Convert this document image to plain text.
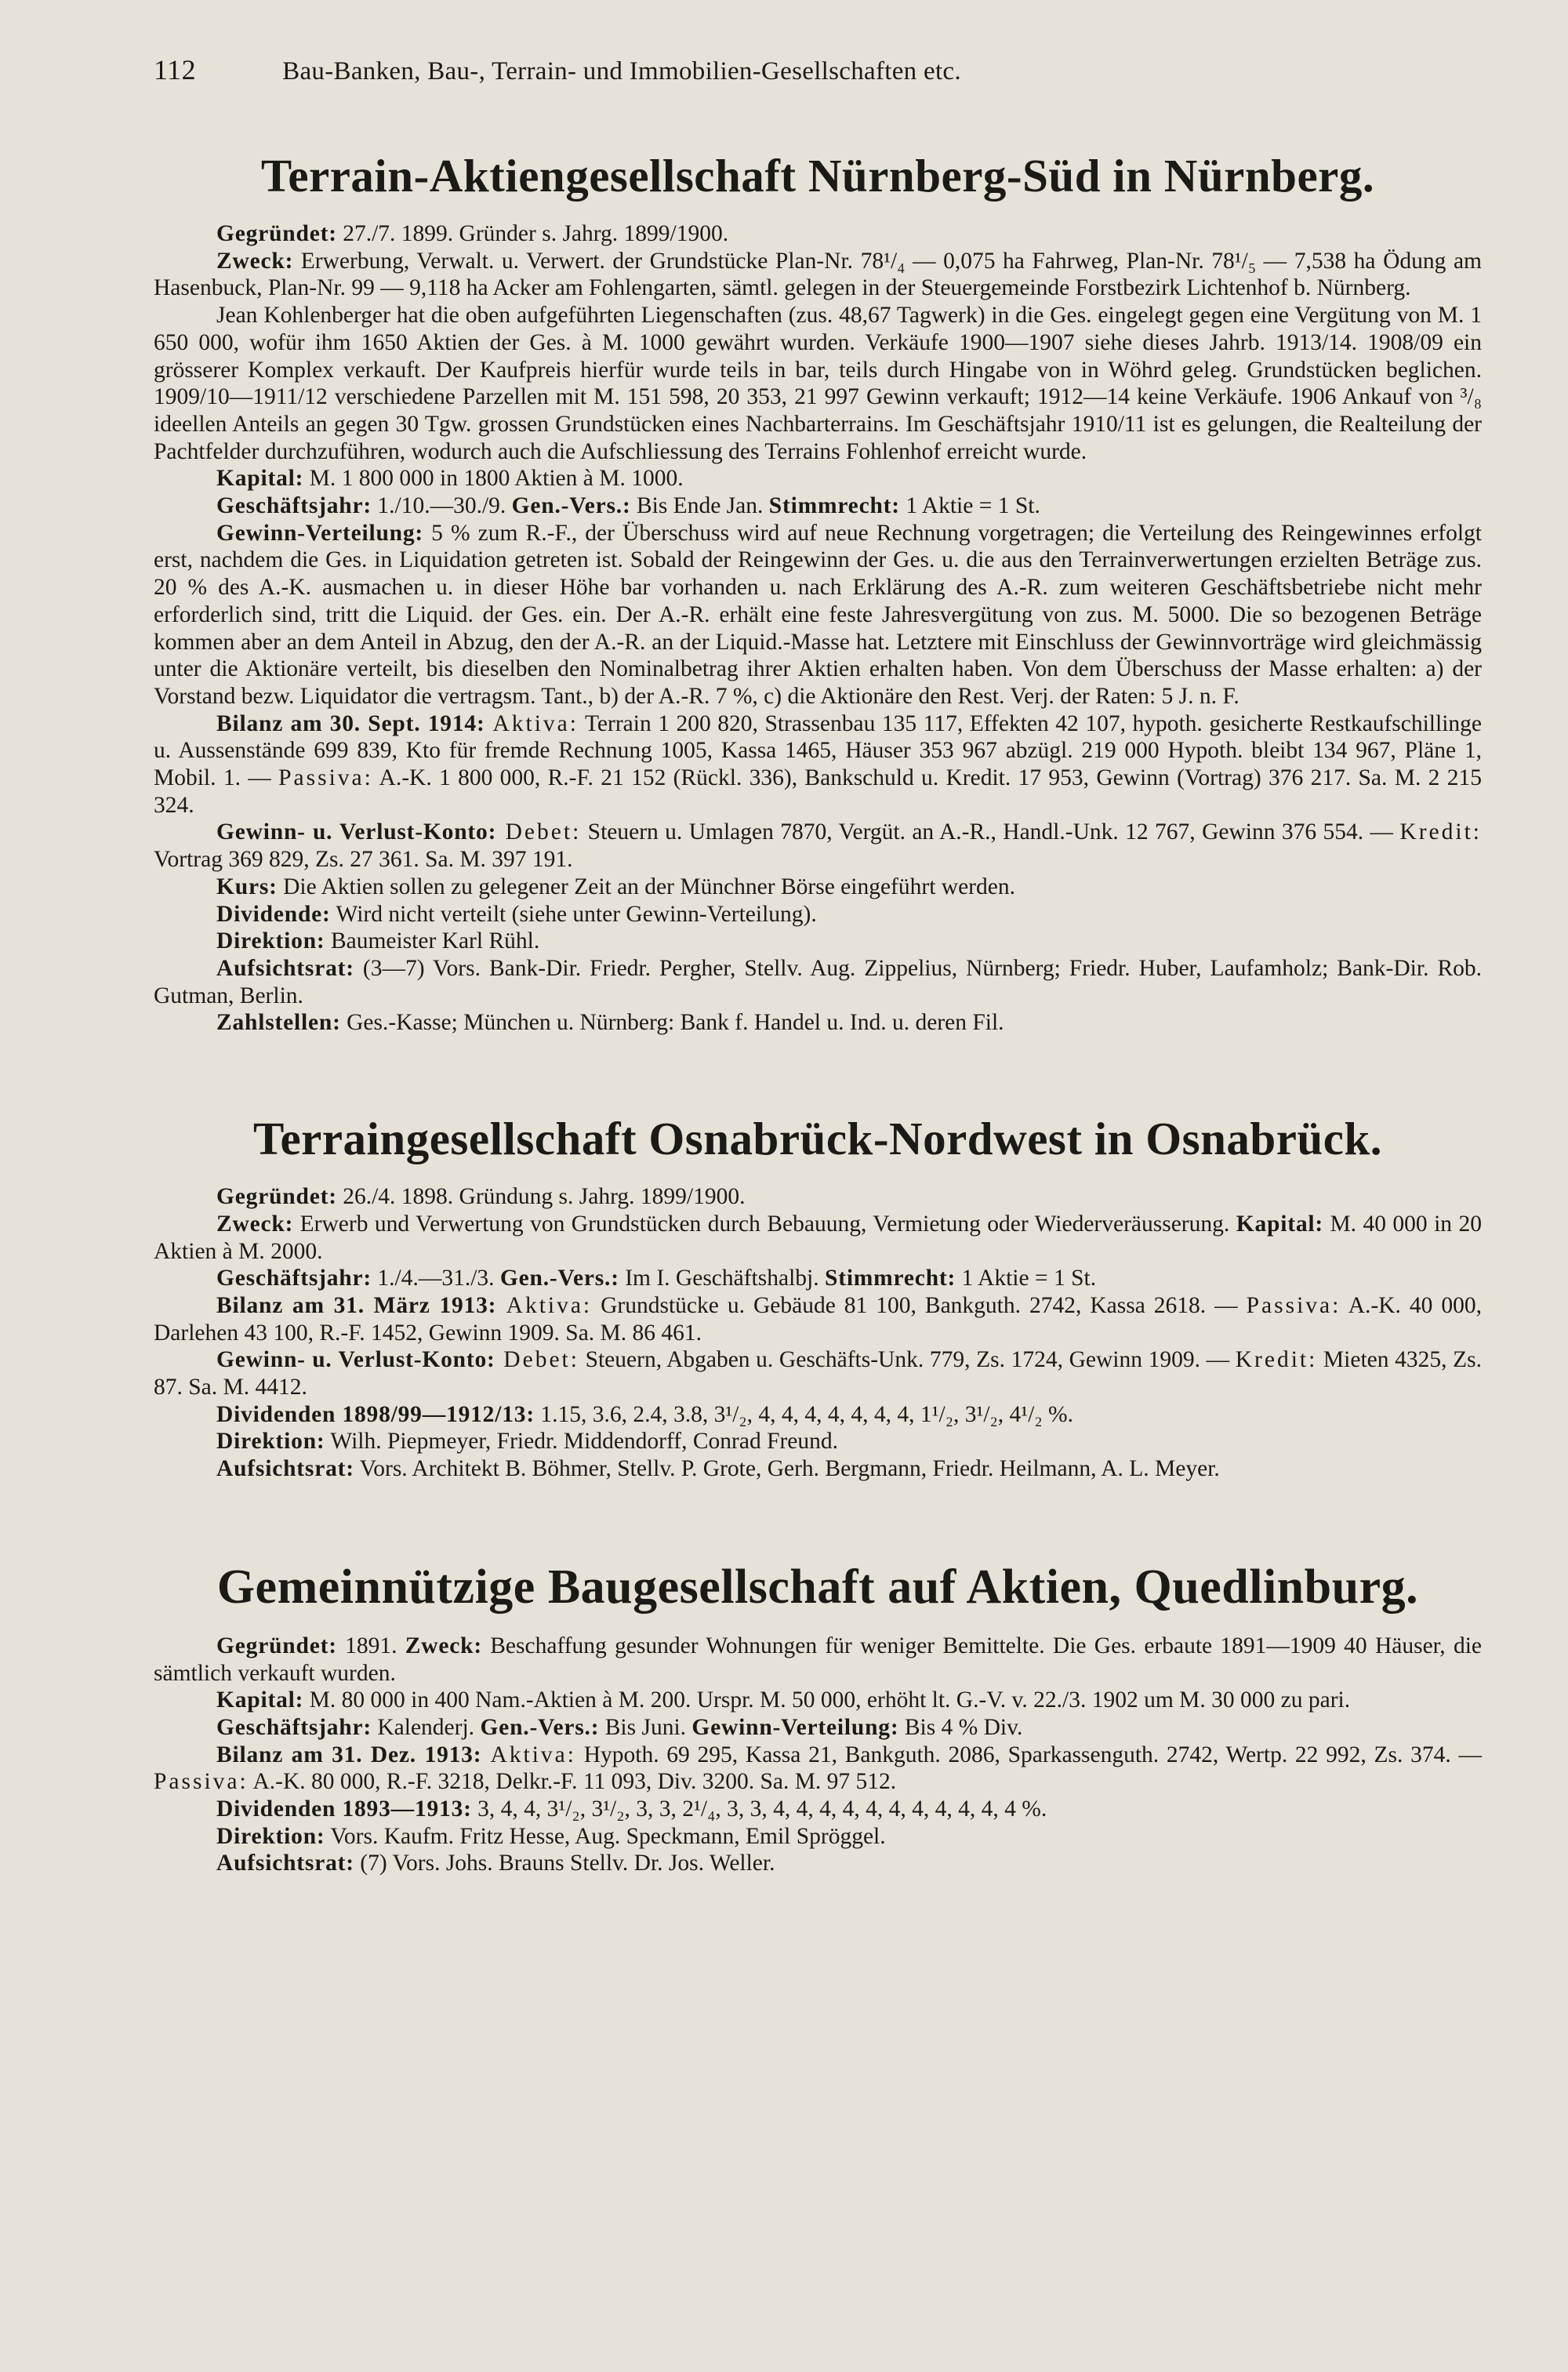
112	Bau-Banken, Bau-, Terrain- und Immobilien-Gesellschaften etc.
Terrain-Aktiengesellschaft Nürnberg-Süd in Nürnberg.

Gegründet: 27./7. 1899. Gründer s. Jahrg. 1899/1900.

Zweck: Erwerbung, Verwalt. u. Verwert. der Grundstücke Plan-Nr. 78¹/₄ — 0,075 ha Fahrweg, Plan-Nr. 78¹/₅ — 7,538 ha Ödung am Hasenbuck, Plan-Nr. 99 — 9,118 ha Acker am Fohlengarten, sämtl. gelegen in der Steuergemeinde Forstbezirk Lichtenhof b. Nürnberg.

Jean Kohlenberger hat die oben aufgeführten Liegenschaften (zus. 48,67 Tagwerk) in die Ges. eingelegt gegen eine Vergütung von M. 1 650 000, wofür ihm 1650 Aktien der Ges. à M. 1000 gewährt wurden. Verkäufe 1900—1907 siehe dieses Jahrb. 1913/14. 1908/09 ein grösserer Komplex verkauft. Der Kaufpreis hierfür wurde teils in bar, teils durch Hingabe von in Wöhrd geleg. Grundstücken beglichen. 1909/10—1911/12 verschiedene Parzellen mit M. 151 598, 20 353, 21 997 Gewinn verkauft; 1912—14 keine Verkäufe. 1906 Ankauf von ³/₈ ideellen Anteils an gegen 30 Tgw. grossen Grundstücken eines Nachbarterrains. Im Geschäftsjahr 1910/11 ist es gelungen, die Realteilung der Pachtfelder durchzuführen, wodurch auch die Aufschliessung des Terrains Fohlenhof erreicht wurde.

Kapital: M. 1 800 000 in 1800 Aktien à M. 1000.

Geschäftsjahr: 1./10.—30./9. Gen.-Vers.: Bis Ende Jan. Stimmrecht: 1 Aktie = 1 St.

Gewinn-Verteilung: 5 % zum R.-F., der Überschuss wird auf neue Rechnung vorgetragen; die Verteilung des Reingewinnes erfolgt erst, nachdem die Ges. in Liquidation getreten ist. Sobald der Reingewinn der Ges. u. die aus den Terrainverwertungen erzielten Beträge zus. 20 % des A.-K. ausmachen u. in dieser Höhe bar vorhanden u. nach Erklärung des A.-R. zum weiteren Geschäftsbetriebe nicht mehr erforderlich sind, tritt die Liquid. der Ges. ein. Der A.-R. erhält eine feste Jahresvergütung von zus. M. 5000. Die so bezogenen Beträge kommen aber an dem Anteil in Abzug, den der A.-R. an der Liquid.-Masse hat. Letztere mit Einschluss der Gewinnvorträge wird gleichmässig unter die Aktionäre verteilt, bis dieselben den Nominalbetrag ihrer Aktien erhalten haben. Von dem Überschuss der Masse erhalten: a) der Vorstand bezw. Liquidator die vertragsm. Tant., b) der A.-R. 7 %, c) die Aktionäre den Rest. Verj. der Raten: 5 J. n. F.

Bilanz am 30. Sept. 1914: Aktiva: Terrain 1 200 820, Strassenbau 135 117, Effekten 42 107, hypoth. gesicherte Restkaufschillinge u. Aussenstände 699 839, Kto für fremde Rechnung 1005, Kassa 1465, Häuser 353 967 abzügl. 219 000 Hypoth. bleibt 134 967, Pläne 1, Mobil. 1. — Passiva: A.-K. 1 800 000, R.-F. 21 152 (Rückl. 336), Bankschuld u. Kredit. 17 953, Gewinn (Vortrag) 376 217. Sa. M. 2 215 324.

Gewinn- u. Verlust-Konto: Debet: Steuern u. Umlagen 7870, Vergüt. an A.-R., Handl.-Unk. 12 767, Gewinn 376 554. — Kredit: Vortrag 369 829, Zs. 27 361. Sa. M. 397 191.

Kurs: Die Aktien sollen zu gelegener Zeit an der Münchner Börse eingeführt werden.

Dividende: Wird nicht verteilt (siehe unter Gewinn-Verteilung).

Direktion: Baumeister Karl Rühl.

Aufsichtsrat: (3—7) Vors. Bank-Dir. Friedr. Pergher, Stellv. Aug. Zippelius, Nürnberg; Friedr. Huber, Laufamholz; Bank-Dir. Rob. Gutman, Berlin.

Zahlstellen: Ges.-Kasse; München u. Nürnberg: Bank f. Handel u. Ind. u. deren Fil.

Terraingesellschaft Osnabrück-Nordwest in Osnabrück.

Gegründet: 26./4. 1898. Gründung s. Jahrg. 1899/1900.

Zweck: Erwerb und Verwertung von Grundstücken durch Bebauung, Vermietung oder Wiederveräusserung. Kapital: M. 40 000 in 20 Aktien à M. 2000.

Geschäftsjahr: 1./4.—31./3. Gen.-Vers.: Im I. Geschäftshalbj. Stimmrecht: 1 Aktie = 1 St.

Bilanz am 31. März 1913: Aktiva: Grundstücke u. Gebäude 81 100, Bankguth. 2742, Kassa 2618. — Passiva: A.-K. 40 000, Darlehen 43 100, R.-F. 1452, Gewinn 1909. Sa. M. 86 461.

Gewinn- u. Verlust-Konto: Debet: Steuern, Abgaben u. Geschäfts-Unk. 779, Zs. 1724, Gewinn 1909. — Kredit: Mieten 4325, Zs. 87. Sa. M. 4412.

Dividenden 1898/99—1912/13: 1.15, 3.6, 2.4, 3.8, 3¹/₂, 4, 4, 4, 4, 4, 4, 4, 1¹/₂, 3¹/₂, 4¹/₂ %.

Direktion: Wilh. Piepmeyer, Friedr. Middendorff, Conrad Freund.

Aufsichtsrat: Vors. Architekt B. Böhmer, Stellv. P. Grote, Gerh. Bergmann, Friedr. Heilmann, A. L. Meyer.

Gemeinnützige Baugesellschaft auf Aktien, Quedlinburg.

Gegründet: 1891. Zweck: Beschaffung gesunder Wohnungen für weniger Bemittelte. Die Ges. erbaute 1891—1909 40 Häuser, die sämtlich verkauft wurden.

Kapital: M. 80 000 in 400 Nam.-Aktien à M. 200. Urspr. M. 50 000, erhöht lt. G.-V. v. 22./3. 1902 um M. 30 000 zu pari.

Geschäftsjahr: Kalenderj. Gen.-Vers.: Bis Juni. Gewinn-Verteilung: Bis 4 % Div.

Bilanz am 31. Dez. 1913: Aktiva: Hypoth. 69 295, Kassa 21, Bankguth. 2086, Sparkassenguth. 2742, Wertp. 22 992, Zs. 374. — Passiva: A.-K. 80 000, R.-F. 3218, Delkr.-F. 11 093, Div. 3200. Sa. M. 97 512.

Dividenden 1893—1913: 3, 4, 4, 3¹/₂, 3¹/₂, 3, 3, 2¹/₄, 3, 3, 4, 4, 4, 4, 4, 4, 4, 4, 4, 4, 4 %.

Direktion: Vors. Kaufm. Fritz Hesse, Aug. Speckmann, Emil Spröggel.

Aufsichtsrat: (7) Vors. Johs. Brauns Stellv. Dr. Jos. Weller.
